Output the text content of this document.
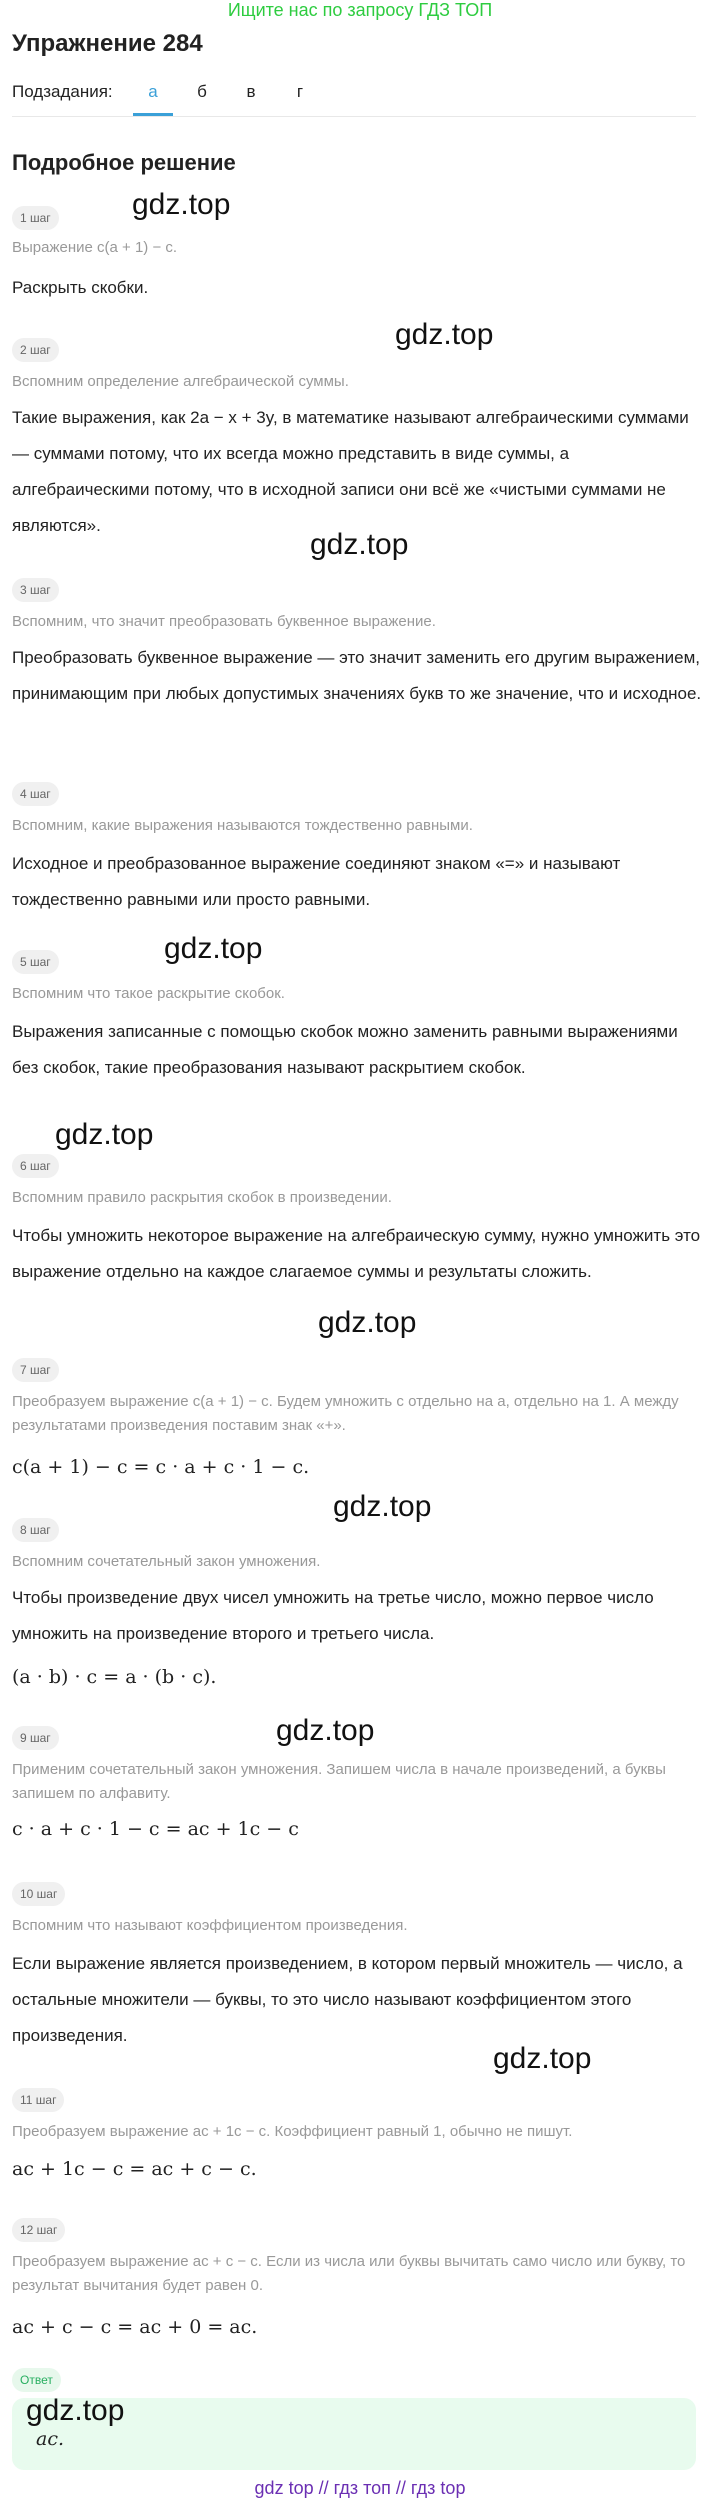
Ищите нас по запросу ГДЗ ТОП
Упражнение 284
Подзадания:	а	б	в	г
Подробное решение
1 шаг
Выражение c(a + 1) − c.
Раскрыть скобки.
2 шаг
Вспомним определение алгебраической суммы.
Такие выражения, как 2a − x + 3y, в математике называют алгебраическими суммами — суммами потому, что их всегда можно представить в виде суммы, а алгебраическими потому, что в исходной записи они всё же «чистыми суммами не являются».
3 шаг
Вспомним, что значит преобразовать буквенное выражение.
Преобразовать буквенное выражение — это значит заменить его другим выражением, принимающим при любых допустимых значениях букв то же значение, что и исходное.
4 шаг
Вспомним, какие выражения называются тождественно равными.
Исходное и преобразованное выражение соединяют знаком «=» и называют тождественно равными или просто равными.
5 шаг
Вспомним что такое раскрытие скобок.
Выражения записанные с помощью скобок можно заменить равными выражениями без скобок, такие преобразования называют раскрытием скобок.
6 шаг
Вспомним правило раскрытия скобок в произведении.
Чтобы умножить некоторое выражение на алгебраическую сумму, нужно умножить это выражение отдельно на каждое слагаемое суммы и результаты сложить.
7 шаг
Преобразуем выражение c(a + 1) − c. Будем умножить c отдельно на a, отдельно на 1. А между результатами произведения поставим знак «+».
c(a + 1) − c = c · a + c · 1 − c.
8 шаг
Вспомним сочетательный закон умножения.
Чтобы произведение двух чисел умножить на третье число, можно первое число умножить на произведение второго и третьего числа.
(a · b) · c = a · (b · c).
9 шаг
Применим сочетательный закон умножения. Запишем числа в начале произведений, а буквы запишем по алфавиту.
c · a + c · 1 − c = ac + 1c − c
10 шаг
Вспомним что называют коэффициентом произведения.
Если выражение является произведением, в котором первый множитель — число, а остальные множители — буквы, то это число называют коэффициентом этого произведения.
11 шаг
Преобразуем выражение ac + 1c − c. Коэффициент равный 1, обычно не пишут.
ac + 1c − c = ac + c − c.
12 шаг
Преобразуем выражение ac + c − c. Если из числа или буквы вычитать само число или букву, то результат вычитания будет равен 0.
ac + c − c = ac + 0 = ac.
Ответ
ac.
gdz.top
gdz.top
gdz.top
gdz.top
gdz.top
gdz.top
gdz.top
gdz.top
gdz.top
gdz.top
gdz top // гдз топ // гдз top
